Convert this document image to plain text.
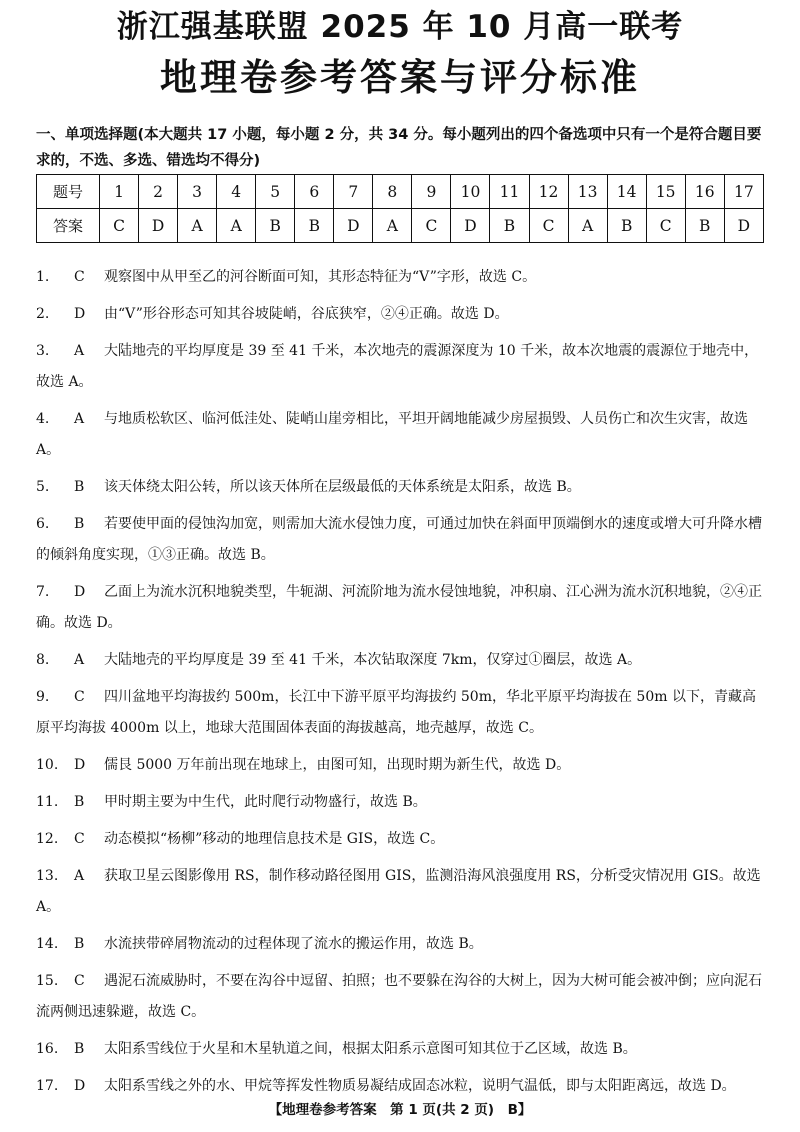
浙江强基联盟 2025 年 10 月高一联考
地理卷参考答案与评分标准
一、单项选择题(本大题共 17 小题，每小题 2 分，共 34 分。每小题列出的四个备选项中只有一个是符合题目要求的，不选、多选、错选均不得分)
题号	1	2	3	4	5	6	7	8	9	10	11	12	13	14	15	16	17
答案	C	D	A	A	B	B	D	A	C	D	B	C	A	B	C	B	D
1. C 观察图中从甲至乙的河谷断面可知，其形态特征为“V”字形，故选 C。
2. D 由“V”形谷形态可知其谷坡陡峭，谷底狭窄，②④正确。故选 D。
3. A 大陆地壳的平均厚度是 39 至 41 千米，本次地壳的震源深度为 10 千米，故本次地震的震源位于地壳中，故选 A。
4. A 与地质松软区、临河低洼处、陡峭山崖旁相比，平坦开阔地能减少房屋损毁、人员伤亡和次生灾害，故选 A。
5. B 该天体绕太阳公转，所以该天体所在层级最低的天体系统是太阳系，故选 B。
6. B 若要使甲面的侵蚀沟加宽，则需加大流水侵蚀力度，可通过加快在斜面甲顶端倒水的速度或增大可升降水槽的倾斜角度实现，①③正确。故选 B。
7. D 乙面上为流水沉积地貌类型，牛轭湖、河流阶地为流水侵蚀地貌，冲积扇、江心洲为流水沉积地貌，②④正确。故选 D。
8. A 大陆地壳的平均厚度是 39 至 41 千米，本次钻取深度 7km，仅穿过①圈层，故选 A。
9. C 四川盆地平均海拔约 500m，长江中下游平原平均海拔约 50m，华北平原平均海拔在 50m 以下，青藏高原平均海拔 4000m 以上，地球大范围固体表面的海拔越高，地壳越厚，故选 C。
10. D 儒艮 5000 万年前出现在地球上，由图可知，出现时期为新生代，故选 D。
11. B 甲时期主要为中生代，此时爬行动物盛行，故选 B。
12. C 动态模拟“杨柳”移动的地理信息技术是 GIS，故选 C。
13. A 获取卫星云图影像用 RS，制作移动路径图用 GIS，监测沿海风浪强度用 RS，分析受灾情况用 GIS。故选 A。
14. B 水流挟带碎屑物流动的过程体现了流水的搬运作用，故选 B。
15. C 遇泥石流威胁时，不要在沟谷中逗留、拍照；也不要躲在沟谷的大树上，因为大树可能会被冲倒；应向泥石流两侧迅速躲避，故选 C。
16. B 太阳系雪线位于火星和木星轨道之间，根据太阳系示意图可知其位于乙区域，故选 B。
17. D 太阳系雪线之外的水、甲烷等挥发性物质易凝结成固态冰粒，说明气温低，即与太阳距离远，故选 D。
【地理卷参考答案　第 1 页(共 2 页)　B】
